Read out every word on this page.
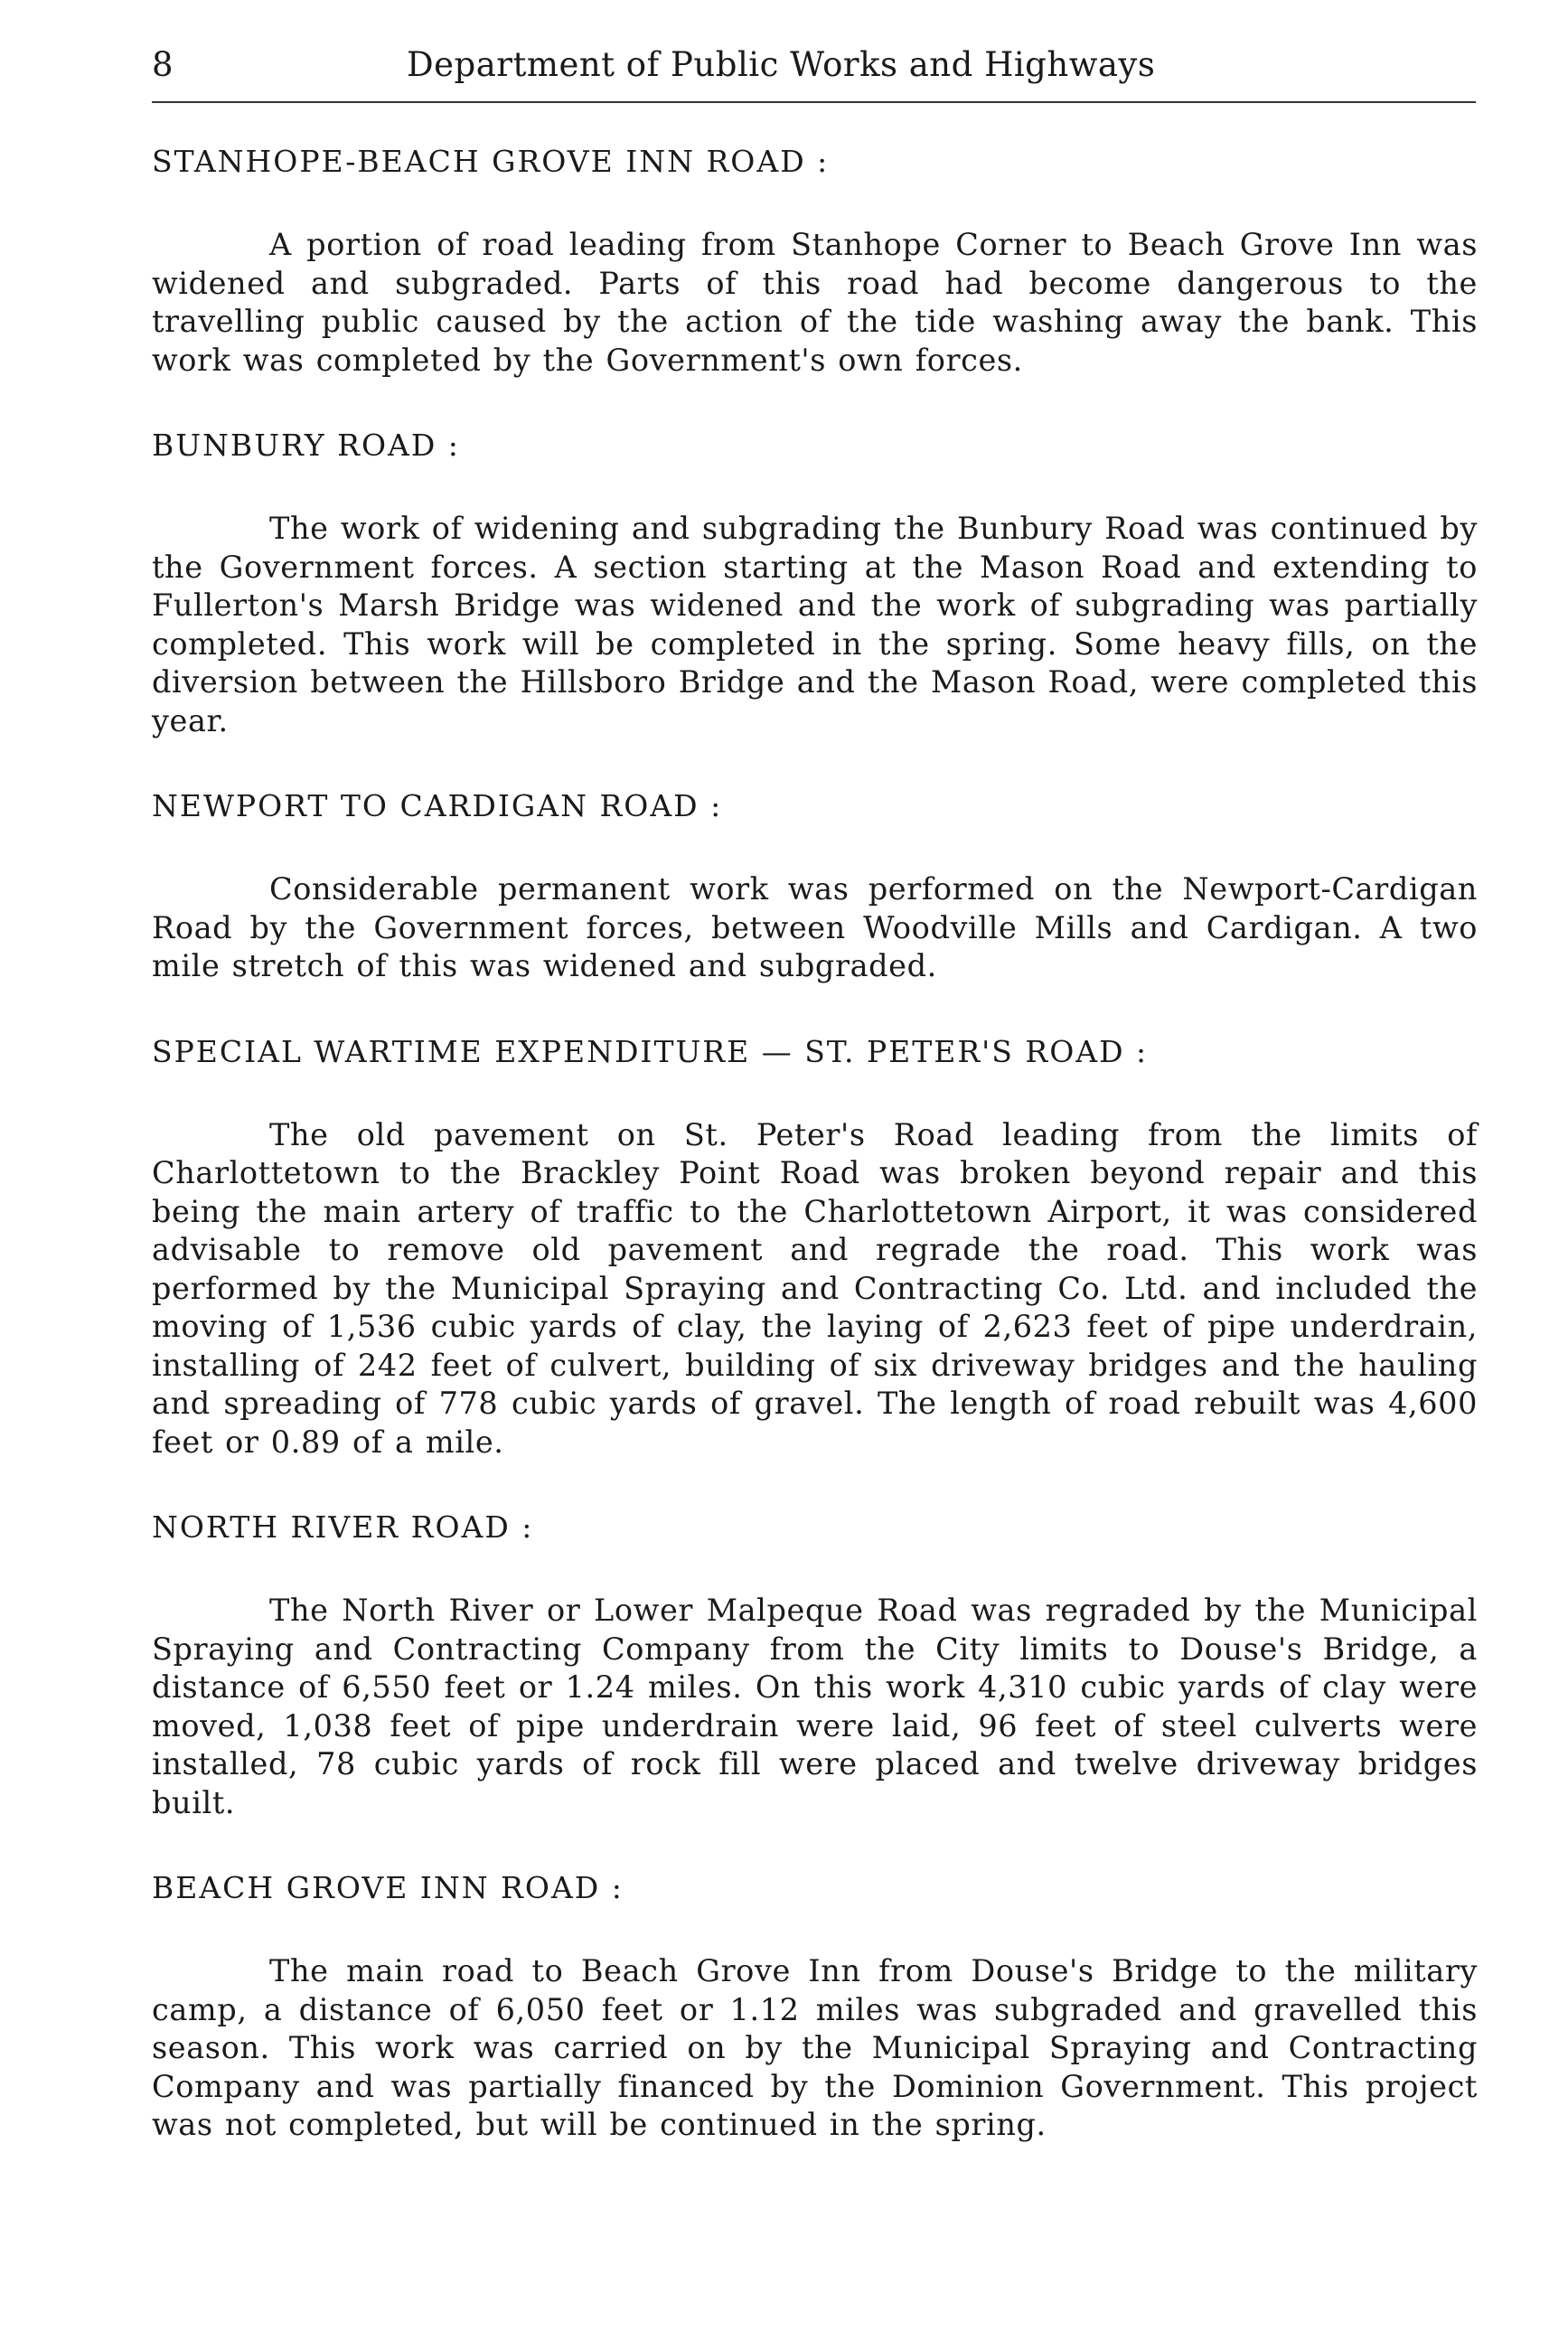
8	Department of Public Works and Highways
STANHOPE-BEACH GROVE INN ROAD :

A portion of road leading from Stanhope Corner to Beach Grove Inn was widened and subgraded. Parts of this road had become dangerous to the travelling public caused by the action of the tide washing away the bank. This work was completed by the Government's own forces.

BUNBURY ROAD :

The work of widening and subgrading the Bunbury Road was continued by the Government forces. A section starting at the Mason Road and extending to Fullerton's Marsh Bridge was widened and the work of subgrading was partially completed. This work will be completed in the spring. Some heavy fills, on the diversion between the Hillsboro Bridge and the Mason Road, were completed this year.

NEWPORT TO CARDIGAN ROAD :

Considerable permanent work was performed on the Newport-Cardigan Road by the Government forces, between Woodville Mills and Cardigan. A two mile stretch of this was widened and subgraded.

SPECIAL WARTIME EXPENDITURE — ST. PETER'S ROAD :

The old pavement on St. Peter's Road leading from the limits of Charlottetown to the Brackley Point Road was broken beyond repair and this being the main artery of traffic to the Charlottetown Airport, it was considered advisable to remove old pavement and regrade the road. This work was performed by the Municipal Spraying and Contracting Co. Ltd. and included the moving of 1,536 cubic yards of clay, the laying of 2,623 feet of pipe underdrain, installing of 242 feet of culvert, building of six driveway bridges and the hauling and spreading of 778 cubic yards of gravel. The length of road rebuilt was 4,600 feet or 0.89 of a mile.

NORTH RIVER ROAD :

The North River or Lower Malpeque Road was regraded by the Municipal Spraying and Contracting Company from the City limits to Douse's Bridge, a distance of 6,550 feet or 1.24 miles. On this work 4,310 cubic yards of clay were moved, 1,038 feet of pipe underdrain were laid, 96 feet of steel culverts were installed, 78 cubic yards of rock fill were placed and twelve driveway bridges built.

BEACH GROVE INN ROAD :

The main road to Beach Grove Inn from Douse's Bridge to the military camp, a distance of 6,050 feet or 1.12 miles was subgraded and gravelled this season. This work was carried on by the Municipal Spraying and Contracting Company and was partially financed by the Dominion Government. This project was not completed, but will be continued in the spring.
